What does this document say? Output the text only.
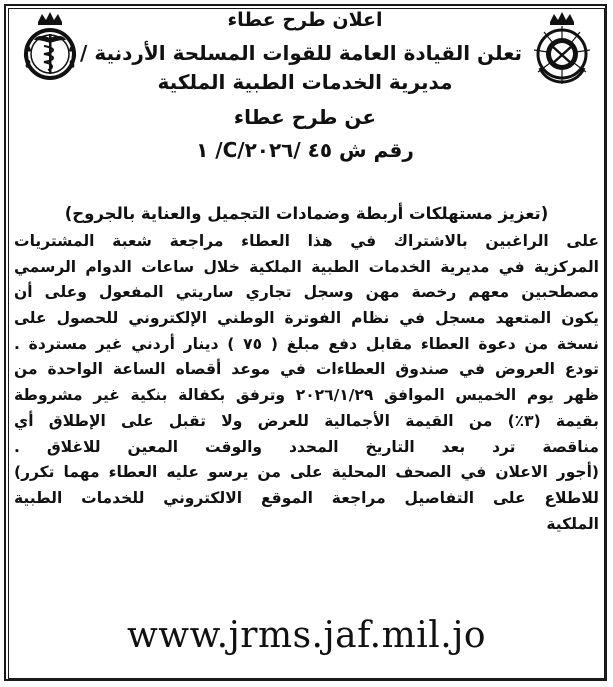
اعلان طرح عطاء
تعلن القيادة العامة للقوات المسلحة الأردنية /
مديرية الخدمات الطبية الملكية
عن طرح عطاء
رقم ش ٤٥ /٢٠٢٦/C/ ١
(تعزيز مستهلكات أربطة وضمادات التجميل والعناية بالجروح)
على الراغبين بالاشتراك في هذا العطاء مراجعة شعبة المشتريات
المركزية في مديرية الخدمات الطبية الملكية خلال ساعات الدوام الرسمي
مصطحبين معهم رخصة مهن وسجل تجاري ساريتي المفعول وعلى أن
يكون المتعهد مسجل في نظام الفوترة الوطني الإلكتروني للحصول على
نسخة من دعوة العطاء مقابل دفع مبلغ ( ٧٥ ) دينار أردني غير مستردة .
تودع العروض في صندوق العطاءات في موعد أقصاه الساعة الواحدة من
ظهر يوم الخميس الموافق ٢٠٢٦/١/٢٩ وترفق بكفالة بنكية غير مشروطة
بقيمة (٣٪) من القيمة الأجمالية للعرض ولا تقبل على الإطلاق أي
مناقصة ترد بعد التاريخ المحدد والوقت المعين للاغلاق .
(أجور الاعلان في الصحف المحلية على من يرسو عليه العطاء مهما تكرر)
للاطلاع على التفاصيل مراجعة الموقع الالكتروني للخدمات الطبية
الملكية
www.jrms.jaf.mil.jo
